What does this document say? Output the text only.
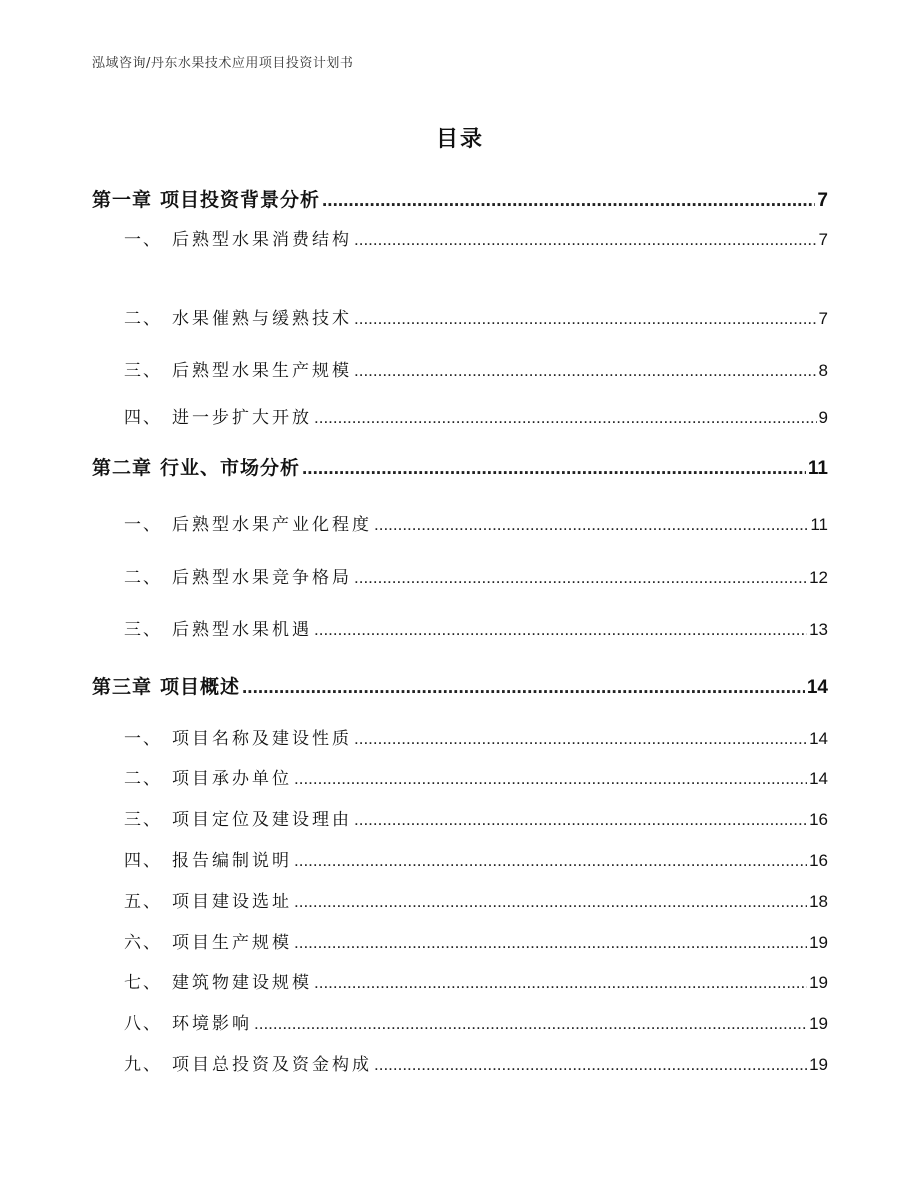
泓域咨询/丹东水果技术应用项目投资计划书
目录
第一章 项目投资背景分析 .....	7
一、 后熟型水果消费结构 .....	7
二、 水果催熟与缓熟技术 .....	7
三、 后熟型水果生产规模 .....	8
四、 进一步扩大开放 .....	9
第二章 行业、市场分析 .....	11
一、 后熟型水果产业化程度 .....	11
二、 后熟型水果竞争格局 .....	12
三、 后熟型水果机遇 .....	13
第三章 项目概述 .....	14
一、 项目名称及建设性质 .....	14
二、 项目承办单位 .....	14
三、 项目定位及建设理由 .....	16
四、 报告编制说明 .....	16
五、 项目建设选址 .....	18
六、 项目生产规模 .....	19
七、 建筑物建设规模 .....	19
八、 环境影响 .....	19
九、 项目总投资及资金构成 .....	19
